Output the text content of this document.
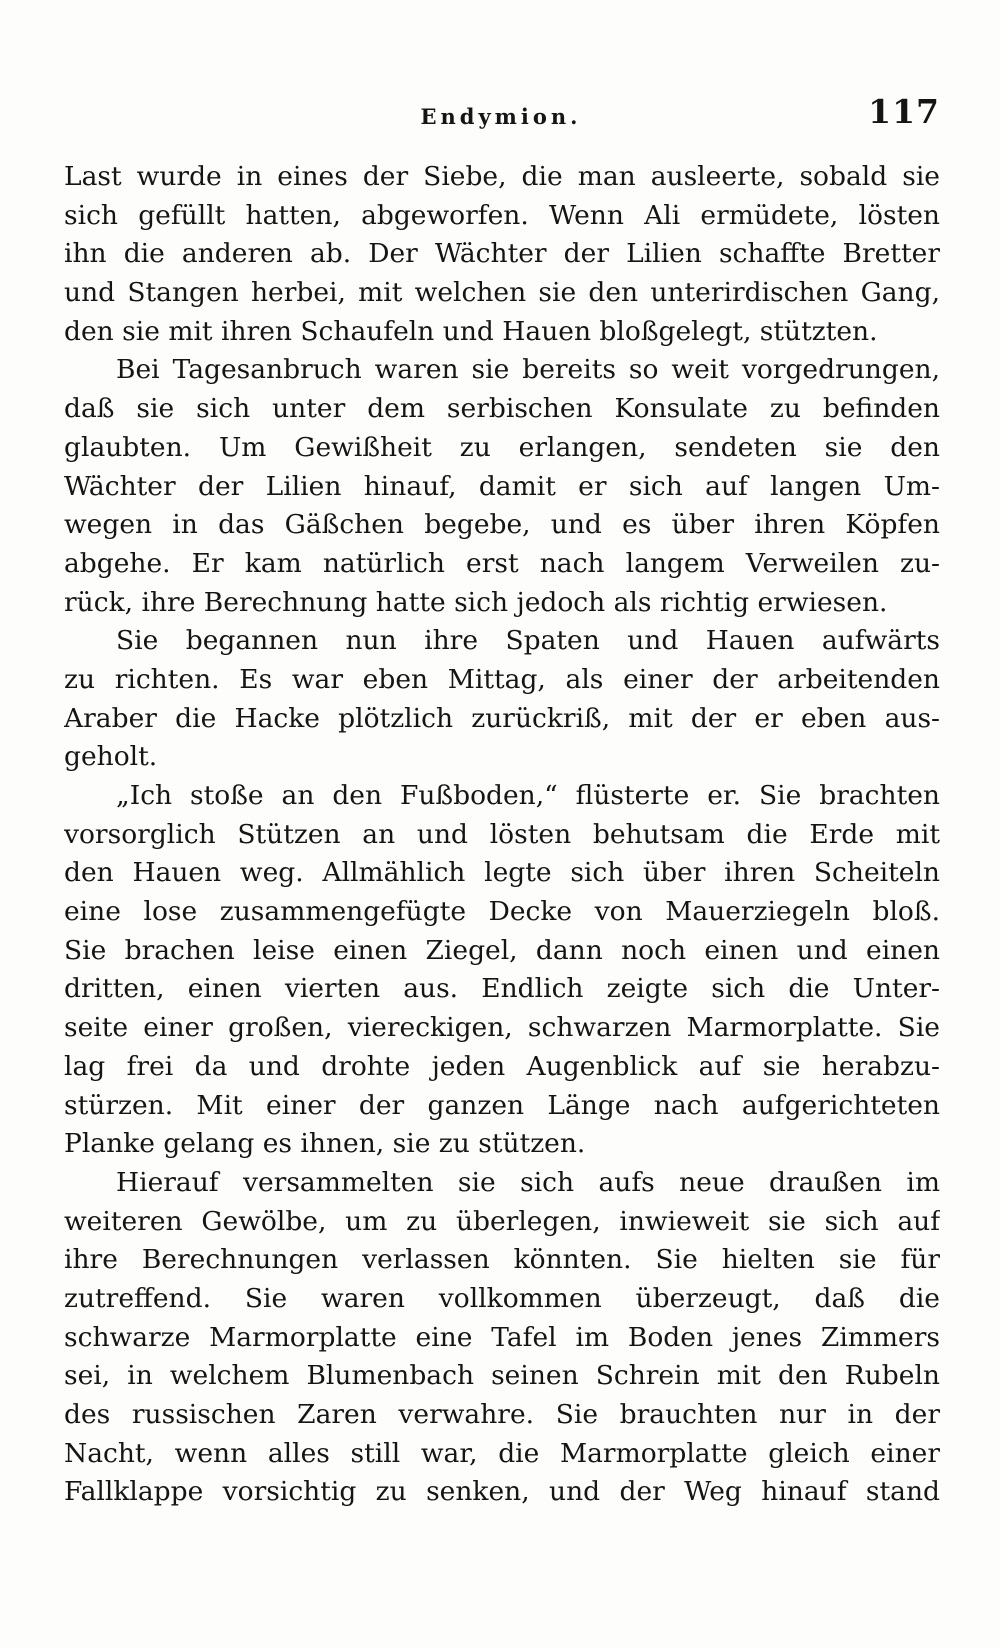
Endymion.	117
Last wurde in eines der Siebe, die man ausleerte, sobald sie
sich gefüllt hatten, abgeworfen. Wenn Ali ermüdete, lösten
ihn die anderen ab. Der Wächter der Lilien schaffte Bretter
und Stangen herbei, mit welchen sie den unterirdischen Gang,
den sie mit ihren Schaufeln und Hauen bloßgelegt, stützten.
Bei Tagesanbruch waren sie bereits so weit vorgedrungen,
daß sie sich unter dem serbischen Konsulate zu befinden
glaubten. Um Gewißheit zu erlangen, sendeten sie den
Wächter der Lilien hinauf, damit er sich auf langen Um-
wegen in das Gäßchen begebe, und es über ihren Köpfen
abgehe. Er kam natürlich erst nach langem Verweilen zu-
rück, ihre Berechnung hatte sich jedoch als richtig erwiesen.
Sie begannen nun ihre Spaten und Hauen aufwärts
zu richten. Es war eben Mittag, als einer der arbeitenden
Araber die Hacke plötzlich zurückriß, mit der er eben aus-
geholt.
„Ich stoße an den Fußboden,“ flüsterte er. Sie brachten
vorsorglich Stützen an und lösten behutsam die Erde mit
den Hauen weg. Allmählich legte sich über ihren Scheiteln
eine lose zusammengefügte Decke von Mauerziegeln bloß.
Sie brachen leise einen Ziegel, dann noch einen und einen
dritten, einen vierten aus. Endlich zeigte sich die Unter-
seite einer großen, viereckigen, schwarzen Marmorplatte. Sie
lag frei da und drohte jeden Augenblick auf sie herabzu-
stürzen. Mit einer der ganzen Länge nach aufgerichteten
Planke gelang es ihnen, sie zu stützen.
Hierauf versammelten sie sich aufs neue draußen im
weiteren Gewölbe, um zu überlegen, inwieweit sie sich auf
ihre Berechnungen verlassen könnten. Sie hielten sie für
zutreffend. Sie waren vollkommen überzeugt, daß die
schwarze Marmorplatte eine Tafel im Boden jenes Zimmers
sei, in welchem Blumenbach seinen Schrein mit den Rubeln
des russischen Zaren verwahre. Sie brauchten nur in der
Nacht, wenn alles still war, die Marmorplatte gleich einer
Fallklappe vorsichtig zu senken, und der Weg hinauf stand
